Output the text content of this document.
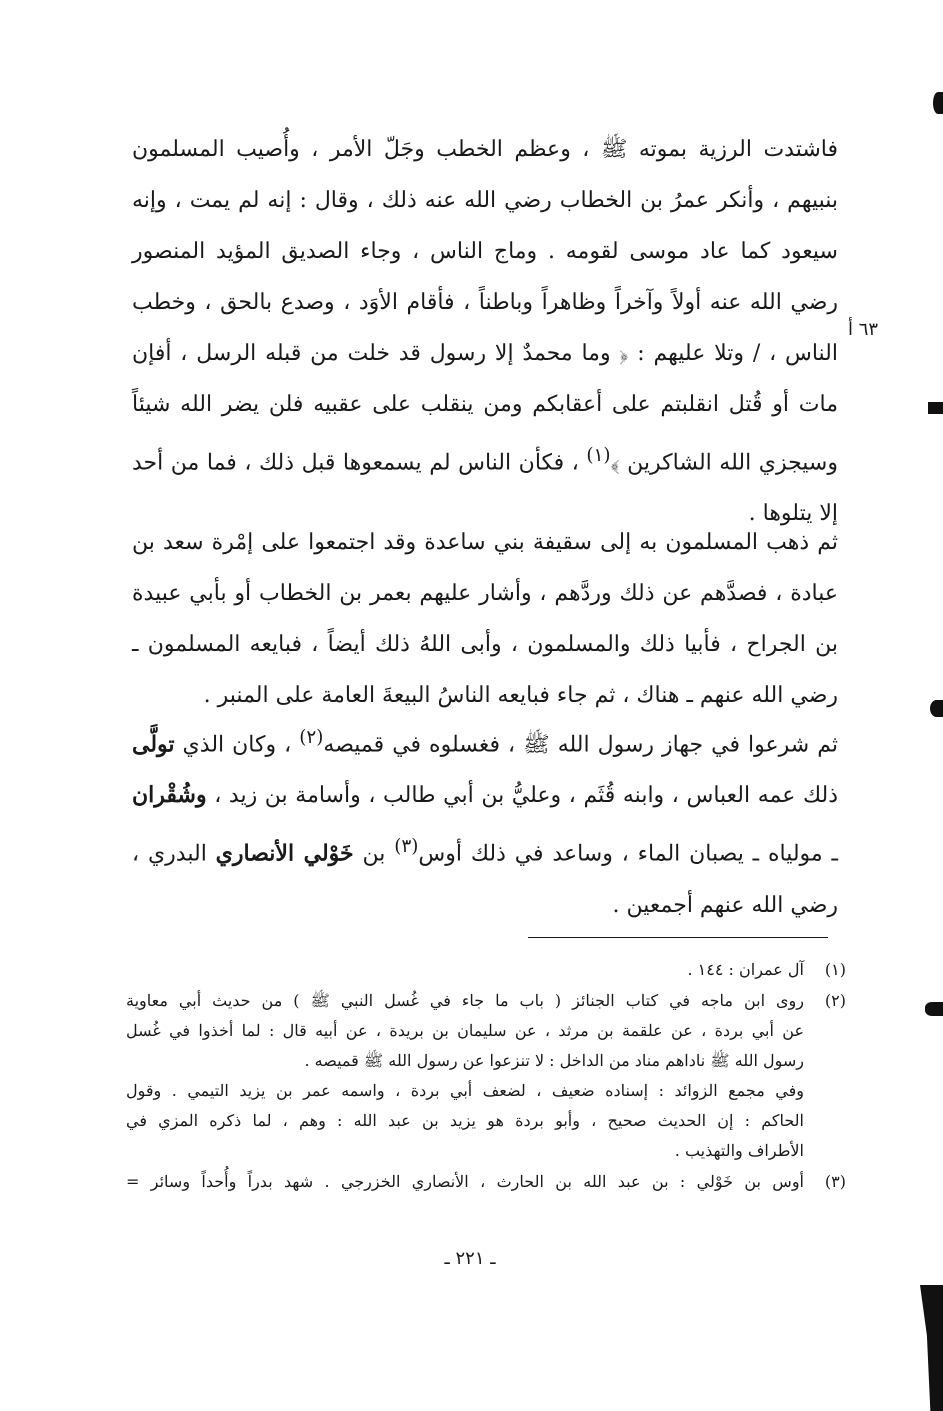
فاشتدت الرزية بموته ﷺ ، وعظم الخطب وجَلّ الأمر ، وأُصيب المسلمون بنبيهم ، وأنكر عمرُ بن الخطاب رضي الله عنه ذلك ، وقال : إنه لم يمت ، وإنه سيعود كما عاد موسى لقومه . وماج الناس ، وجاء الصديق المؤيد المنصور رضي الله عنه أولاً وآخراً وظاهراً وباطناً ، فأقام الأوَد ، وصدع بالحق ، وخطب الناس ، / وتلا عليهم : ﴿ وما محمدٌ إلا رسول قد خلت من قبله الرسل ، أفإن مات أو قُتل انقلبتم على أعقابكم ومن ينقلب على عقبيه فلن يضر الله شيئاً وسيجزي الله الشاكرين ﴾$^{(١)}$ ، فكأن الناس لم يسمعوها قبل ذلك ، فما من أحد إلا يتلوها .

٦٣ أ

ثم ذهب المسلمون به إلى سقيفة بني ساعدة وقد اجتمعوا على إمْرة سعد بن عبادة ، فصدَّهم عن ذلك وردَّهم ، وأشار عليهم بعمر بن الخطاب أو بأبي عبيدة بن الجراح ، فأبيا ذلك والمسلمون ، وأبى اللهُ ذلك أيضاً ، فبايعه المسلمون ـ رضي الله عنهم ـ هناك ، ثم جاء فبايعه الناسُ البيعةَ العامة على المنبر .

ثم شرعوا في جهاز رسول الله ﷺ ، فغسلوه في قميصه$^{(٢)}$ ، وكان الذي تولَّى ذلك عمه العباس ، وابنه قُثَم ، وعليُّ بن أبي طالب ، وأسامة بن زيد ، وشُقْران ـ مولياه ـ يصبان الماء ، وساعد في ذلك أوس$^{(٣)}$ بن خَوْلي الأنصاري البدري ، رضي الله عنهم أجمعين .

(١)
آل عمران : ١٤٤ .
(٢)
روى ابن ماجه في كتاب الجنائز ( باب ما جاء في غُسل النبي ﷺ ) من حديث أبي معاوية
عن أبي بردة ، عن علقمة بن مرثد ، عن سليمان بن بريدة ، عن أبيه قال : لما أخذوا في غُسل
رسول الله ﷺ ناداهم مناد من الداخل : لا تنزعوا عن رسول الله ﷺ قميصه .
وفي مجمع الزوائد : إسناده ضعيف ، لضعف أبي بردة ، واسمه عمر بن يزيد التيمي . وقول
الحاكم : إن الحديث صحيح ، وأبو بردة هو يزيد بن عبد الله : وهم ، لما ذكره المزي في
الأطراف والتهذيب .
(٣)
أوس بن خَوْلي : بن عبد الله بن الحارث ، الأنصاري الخزرجي . شهد بدراً وأُحداً وسائر =
ـ ٢٢١ ـ
